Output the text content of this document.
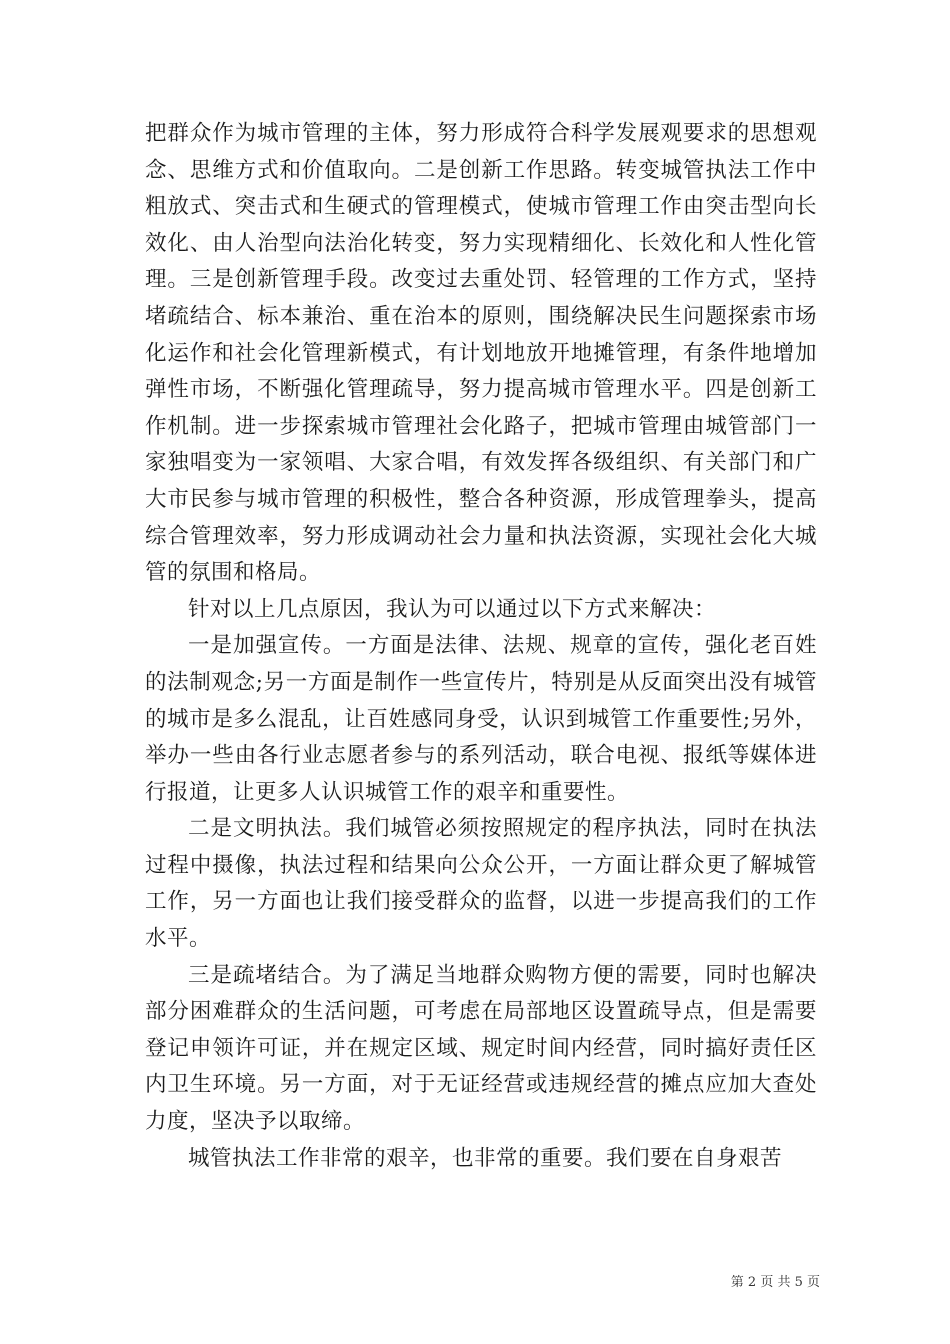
把群众作为城市管理的主体，努力形成符合科学发展观要求的思想观念、思维方式和价值取向。二是创新工作思路。转变城管执法工作中粗放式、突击式和生硬式的管理模式，使城市管理工作由突击型向长效化、由人治型向法治化转变，努力实现精细化、长效化和人性化管理。三是创新管理手段。改变过去重处罚、轻管理的工作方式，坚持堵疏结合、标本兼治、重在治本的原则，围绕解决民生问题探索市场化运作和社会化管理新模式，有计划地放开地摊管理，有条件地增加弹性市场，不断强化管理疏导，努力提高城市管理水平。四是创新工作机制。进一步探索城市管理社会化路子，把城市管理由城管部门一家独唱变为一家领唱、大家合唱，有效发挥各级组织、有关部门和广大市民参与城市管理的积极性，整合各种资源，形成管理拳头，提高综合管理效率，努力形成调动社会力量和执法资源，实现社会化大城管的氛围和格局。

针对以上几点原因，我认为可以通过以下方式来解决：

一是加强宣传。一方面是法律、法规、规章的宣传，强化老百姓的法制观念;另一方面是制作一些宣传片，特别是从反面突出没有城管的城市是多么混乱，让百姓感同身受，认识到城管工作重要性;另外，举办一些由各行业志愿者参与的系列活动，联合电视、报纸等媒体进行报道，让更多人认识城管工作的艰辛和重要性。

二是文明执法。我们城管必须按照规定的程序执法，同时在执法过程中摄像，执法过程和结果向公众公开，一方面让群众更了解城管工作，另一方面也让我们接受群众的监督，以进一步提高我们的工作水平。

三是疏堵结合。为了满足当地群众购物方便的需要，同时也解决部分困难群众的生活问题，可考虑在局部地区设置疏导点，但是需要登记申领许可证，并在规定区域、规定时间内经营，同时搞好责任区内卫生环境。另一方面，对于无证经营或违规经营的摊点应加大查处力度，坚决予以取缔。

城管执法工作非常的艰辛，也非常的重要。我们要在自身艰苦

第 2 页 共 5 页
